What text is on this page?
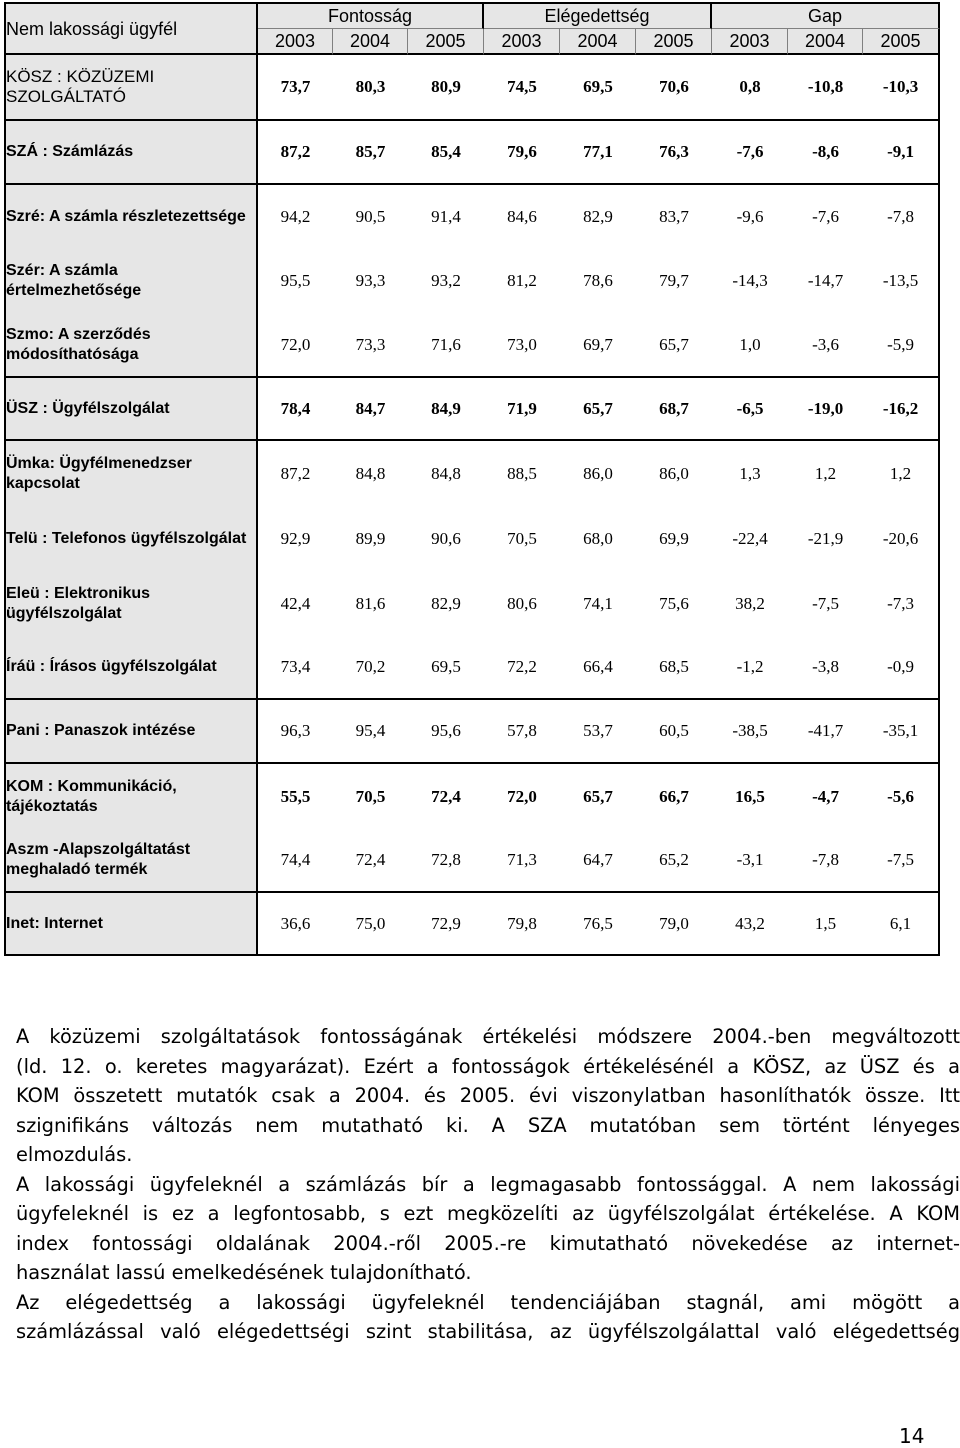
Nem lakossági ügyfél	Fontosság			Elégedettség			Gap		
	2003	2004	2005	2003	2004	2005	2003	2004	2005
KÖSZ : KÖZÜZEMI SZOLGÁLTATÓ	73,7	80,3	80,9	74,5	69,5	70,6	0,8	-10,8	-10,3
SZÁ : Számlázás	87,2	85,7	85,4	79,6	77,1	76,3	-7,6	-8,6	-9,1
Szré: A számla részletezettsége	94,2	90,5	91,4	84,6	82,9	83,7	-9,6	-7,6	-7,8
Szér: A számla értelmezhetősége	95,5	93,3	93,2	81,2	78,6	79,7	-14,3	-14,7	-13,5
Szmo: A szerződés módosíthatósága	72,0	73,3	71,6	73,0	69,7	65,7	1,0	-3,6	-5,9
ÜSZ : Ügyfélszolgálat	78,4	84,7	84,9	71,9	65,7	68,7	-6,5	-19,0	-16,2
Ümka: Ügyfélmenedzser kapcsolat	87,2	84,8	84,8	88,5	86,0	86,0	1,3	1,2	1,2
Telü : Telefonos ügyfélszolgálat	92,9	89,9	90,6	70,5	68,0	69,9	-22,4	-21,9	-20,6
Eleü : Elektronikus ügyfélszolgálat	42,4	81,6	82,9	80,6	74,1	75,6	38,2	-7,5	-7,3
Íráü : Írásos ügyfélszolgálat	73,4	70,2	69,5	72,2	66,4	68,5	-1,2	-3,8	-0,9
Pani : Panaszok intézése	96,3	95,4	95,6	57,8	53,7	60,5	-38,5	-41,7	-35,1
KOM : Kommunikáció, tájékoztatás	55,5	70,5	72,4	72,0	65,7	66,7	16,5	-4,7	-5,6
Aszm -Alapszolgáltatást meghaladó termék	74,4	72,4	72,8	71,3	64,7	65,2	-3,1	-7,8	-7,5
Inet: Internet	36,6	75,0	72,9	79,8	76,5	79,0	43,2	1,5	6,1

A közüzemi szolgáltatások fontosságának értékelési módszere 2004.-ben megváltozott
(ld. 12. o. keretes magyarázat). Ezért a fontosságok értékelésénél a KÖSZ, az ÜSZ és a
KOM összetett mutatók csak a 2004. és 2005. évi viszonylatban hasonlíthatók össze. Itt
szignifikáns változás nem mutatható ki. A SZA mutatóban sem történt lényeges
elmozdulás.

A lakossági ügyfeleknél a számlázás bír a legmagasabb fontossággal. A nem lakossági
ügyfeleknél is ez a legfontosabb, s ezt megközelíti az ügyfélszolgálat értékelése. A KOM
index fontossági oldalának 2004.-ről 2005.-re kimutatható növekedése az internet-
használat lassú emelkedésének tulajdonítható.

Az elégedettség a lakossági ügyfeleknél tendenciájában stagnál, ami mögött a
számlázással való elégedettségi szint stabilitása, az ügyfélszolgálattal való elégedettség

14
